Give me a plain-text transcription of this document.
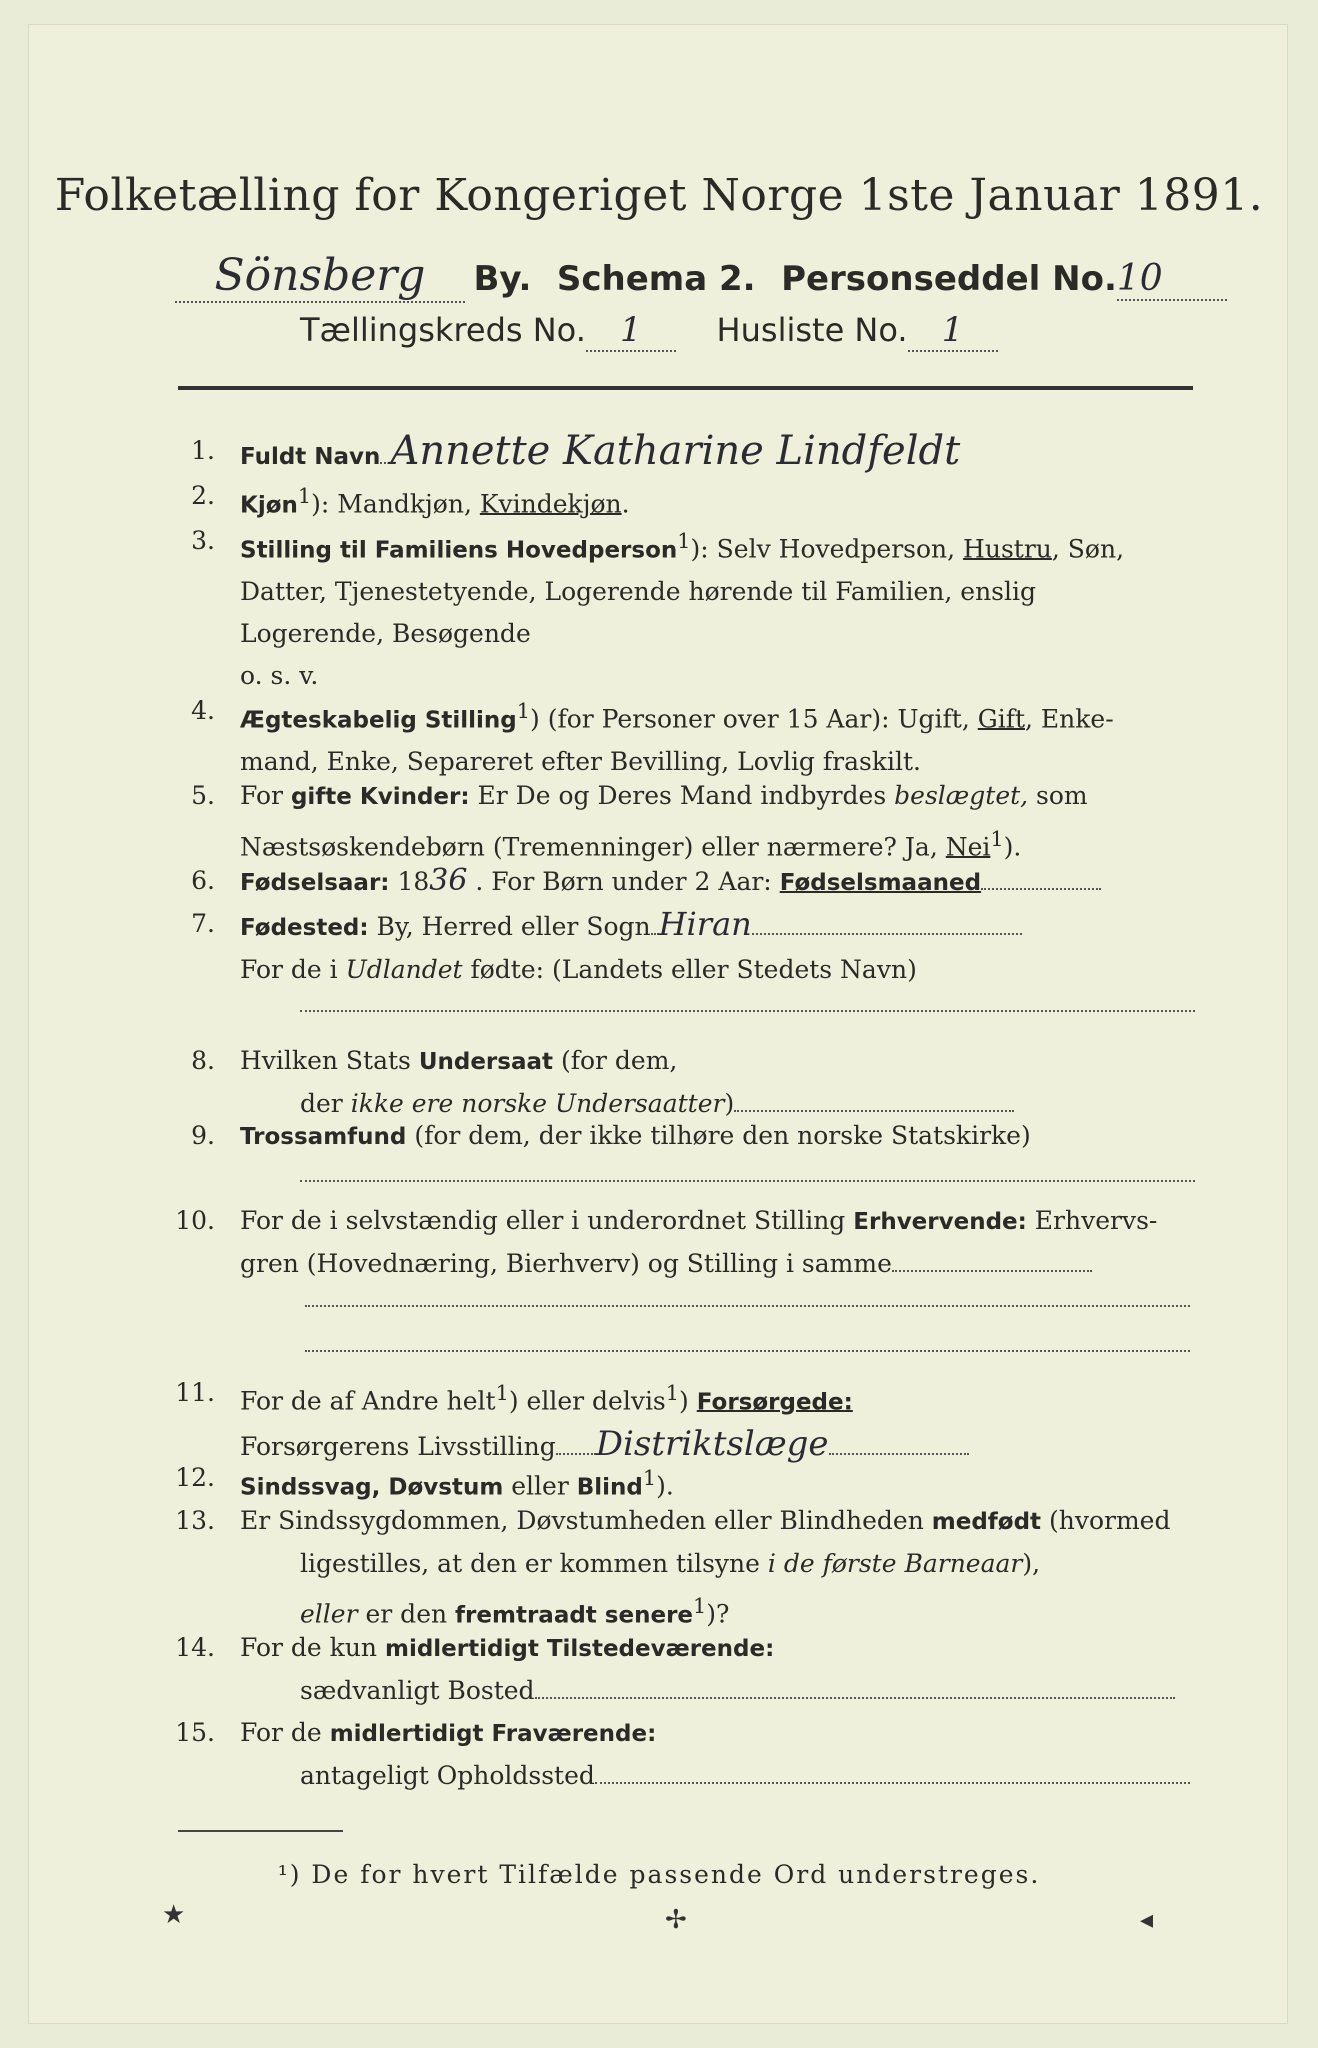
Folketælling for Kongeriget Norge 1ste Januar 1891.
Sönsberg By. Schema 2. Personseddel No.10
Tællingskreds No. 1 Husliste No. 1
1. Fuldt Navn Annette Katharine Lindfeldt
2. Kjøn$^1$): Mandkjøn, Kvindekjøn.
3. Stilling til Familiens Hovedperson$^1$): Selv Hovedperson, Hustru, Søn,
Datter, Tjenestetyende, Logerende hørende til Familien, enslig
Logerende, Besøgende
o. s. v.
4. Ægteskabelig Stilling$^1$) (for Personer over 15 Aar): Ugift, Gift, Enke-
mand, Enke, Separeret efter Bevilling, Lovlig fraskilt.
5. For gifte Kvinder: Er De og Deres Mand indbyrdes beslægtet, som
Næstsøskendebørn (Tremenninger) eller nærmere? Ja, Nei$^1$).
6. Fødselsaar: 1836 . For Børn under 2 Aar: Fødselsmaaned
7. Fødested: By, Herred eller Sogn Hiran
For de i Udlandet fødte: (Landets eller Stedets Navn)
8. Hvilken Stats Undersaat (for dem,
der ikke ere norske Undersaatter)
9. Trossamfund (for dem, der ikke tilhøre den norske Statskirke)
10. For de i selvstændig eller i underordnet Stilling Erhvervende: Erhvervs-
gren (Hovednæring, Bierhverv) og Stilling i samme
11. For de af Andre helt$^1$) eller delvis$^1$) Forsørgede:
Forsørgerens Livsstilling Distriktslæge
12. Sindssvag, Døvstum eller Blind$^1$).
13. Er Sindssygdommen, Døvstumheden eller Blindheden medfødt (hvormed
ligestilles, at den er kommen tilsyne i de første Barneaar),
eller er den fremtraadt senere$^1$)?
14. For de kun midlertidigt Tilstedeværende:
sædvanligt Bosted
15. For de midlertidigt Fraværende:
antageligt Opholdssted
¹) De for hvert Tilfælde passende Ord understreges.
★	✢	◂
